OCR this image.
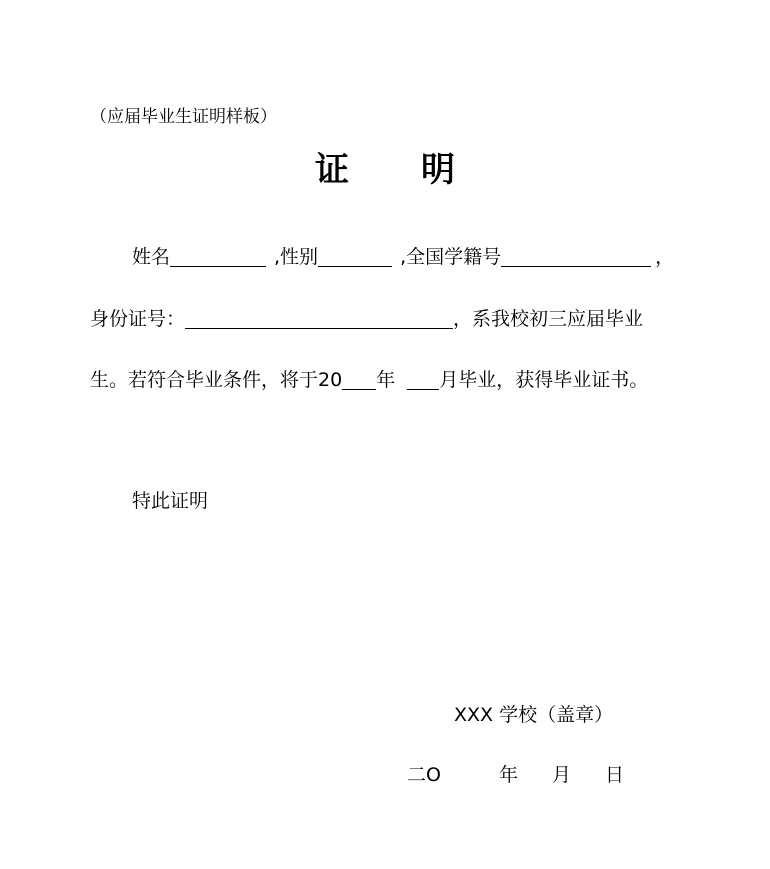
（应届毕业生证明样板）
证 明
姓名	,性别	,全国学籍号	，
身份证号：	，系我校初三应届毕业
生。若符合毕业条件，将于20 年 月毕业，获得毕业证书。
特此证明
XXX 学校（盖章）
二O	年 月 日
